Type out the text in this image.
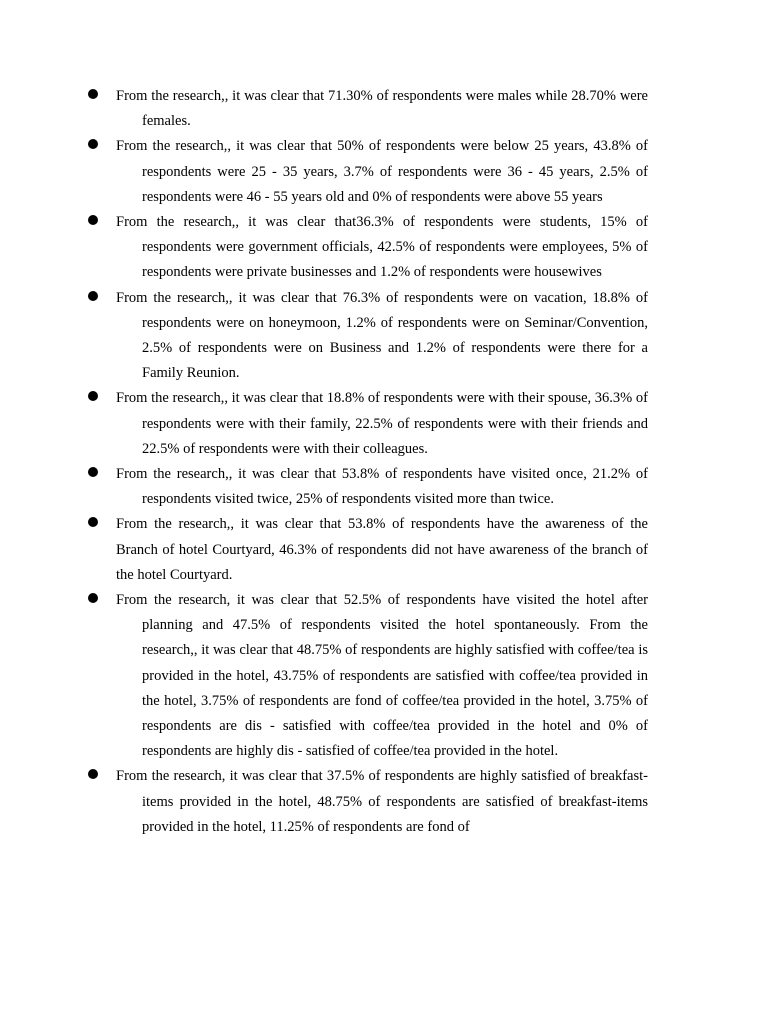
From the research,, it was clear that 71.30% of respondents were males while 28.70% were females.
From the research,, it was clear that 50% of respondents were below 25 years, 43.8% of respondents were 25 - 35 years, 3.7% of respondents were 36 - 45 years, 2.5% of respondents were 46 - 55 years old and 0% of respondents were above 55 years
From the research,, it was clear that36.3% of respondents were students, 15% of respondents were government officials, 42.5% of respondents were employees, 5% of respondents were private businesses and 1.2% of respondents were housewives
From the research,, it was clear that 76.3% of respondents were on vacation, 18.8% of respondents were on honeymoon, 1.2% of respondents were on Seminar/Convention, 2.5% of respondents were on Business and 1.2% of respondents were there for a Family Reunion.
From the research,, it was clear that 18.8% of respondents were with their spouse, 36.3% of respondents were with their family, 22.5% of respondents were with their friends and 22.5% of respondents were with their colleagues.
From the research,, it was clear that 53.8% of respondents have visited once, 21.2% of respondents visited twice, 25% of respondents visited more than twice.
From the research,, it was clear that 53.8% of respondents have the awareness of the Branch of hotel Courtyard, 46.3% of respondents did not have awareness of the branch of the hotel Courtyard.
From the research, it was clear that 52.5% of respondents have visited the hotel after planning and 47.5% of respondents visited the hotel spontaneously. From the research,, it was clear that 48.75% of respondents are highly satisfied with coffee/tea is provided in the hotel, 43.75% of respondents are satisfied with coffee/tea provided in the hotel, 3.75% of respondents are fond of coffee/tea provided in the hotel, 3.75% of respondents are dis - satisfied with coffee/tea provided in the hotel and 0% of respondents are highly dis - satisfied of coffee/tea provided in the hotel.
From the research, it was clear that 37.5% of respondents are highly satisfied of breakfast-items provided in the hotel, 48.75% of respondents are satisfied of breakfast-items provided in the hotel, 11.25% of respondents are fond of
